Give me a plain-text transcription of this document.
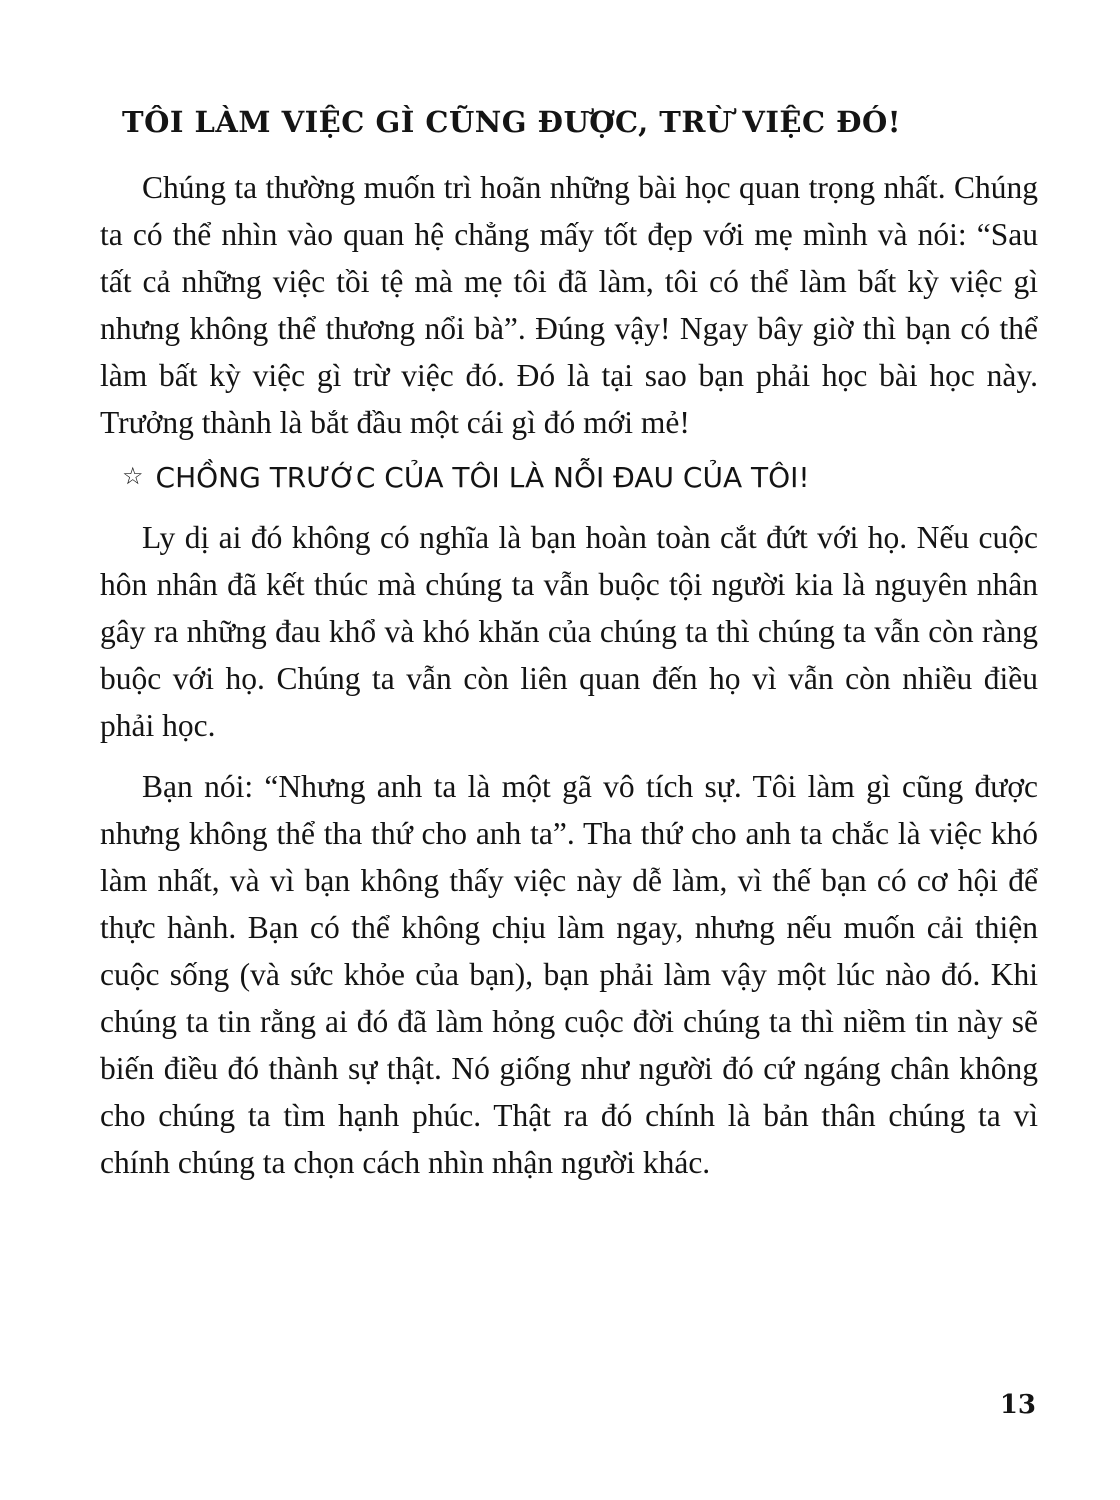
TÔI LÀM VIỆC GÌ CŨNG ĐƯỢC, TRỪ VIỆC ĐÓ!

Chúng ta thường muốn trì hoãn những bài học quan trọng nhất. Chúng ta có thể nhìn vào quan hệ chẳng mấy tốt đẹp với mẹ mình và nói: “Sau tất cả những việc tồi tệ mà mẹ tôi đã làm, tôi có thể làm bất kỳ việc gì nhưng không thể thương nổi bà”. Đúng vậy! Ngay bây giờ thì bạn có thể làm bất kỳ việc gì trừ việc đó. Đó là tại sao bạn phải học bài học này. Trưởng thành là bắt đầu một cái gì đó mới mẻ!

☆ CHỒNG TRƯỚC CỦA TÔI LÀ NỖI ĐAU CỦA TÔI!

Ly dị ai đó không có nghĩa là bạn hoàn toàn cắt đứt với họ. Nếu cuộc hôn nhân đã kết thúc mà chúng ta vẫn buộc tội người kia là nguyên nhân gây ra những đau khổ và khó khăn của chúng ta thì chúng ta vẫn còn ràng buộc với họ. Chúng ta vẫn còn liên quan đến họ vì vẫn còn nhiều điều phải học.

Bạn nói: “Nhưng anh ta là một gã vô tích sự. Tôi làm gì cũng được nhưng không thể tha thứ cho anh ta”. Tha thứ cho anh ta chắc là việc khó làm nhất, và vì bạn không thấy việc này dễ làm, vì thế bạn có cơ hội để thực hành. Bạn có thể không chịu làm ngay, nhưng nếu muốn cải thiện cuộc sống (và sức khỏe của bạn), bạn phải làm vậy một lúc nào đó. Khi chúng ta tin rằng ai đó đã làm hỏng cuộc đời chúng ta thì niềm tin này sẽ biến điều đó thành sự thật. Nó giống như người đó cứ ngáng chân không cho chúng ta tìm hạnh phúc. Thật ra đó chính là bản thân chúng ta vì chính chúng ta chọn cách nhìn nhận người khác.

13
